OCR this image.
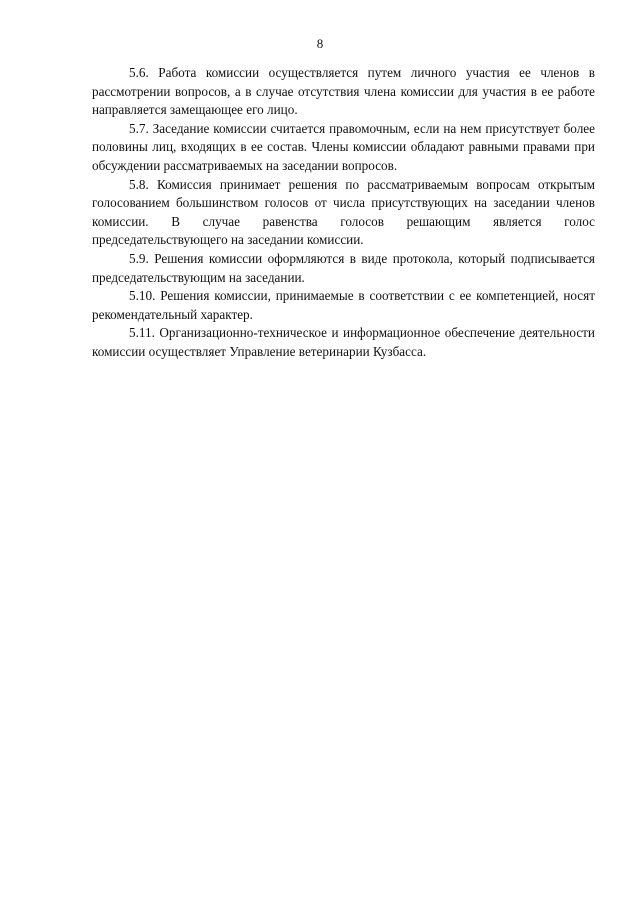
8

5.6. Работа комиссии осуществляется путем личного участия ее членов в рассмотрении вопросов, а в случае отсутствия члена комиссии для участия в ее работе направляется замещающее его лицо.

5.7. Заседание комиссии считается правомочным, если на нем присутствует более половины лиц, входящих в ее состав. Члены комиссии обладают равными правами при обсуждении рассматриваемых на заседании вопросов.

5.8. Комиссия принимает решения по рассматриваемым вопросам открытым голосованием большинством голосов от числа присутствующих на заседании членов комиссии. В случае равенства голосов решающим является голос председательствующего на заседании комиссии.

5.9. Решения комиссии оформляются в виде протокола, который подписывается председательствующим на заседании.

5.10. Решения комиссии, принимаемые в соответствии с ее компетенцией, носят рекомендательный характер.

5.11. Организационно-техническое и информационное обеспечение деятельности комиссии осуществляет Управление ветеринарии Кузбасса.
